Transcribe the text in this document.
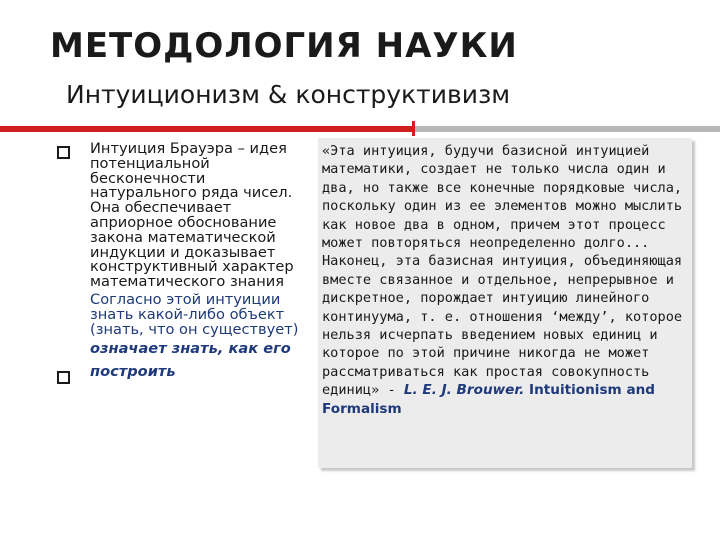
МЕТОДОЛОГИЯ НАУКИ
Интуиционизм & конструктивизм

Интуиция Брауэра – идея потенциальной бесконечности натурального ряда чисел. Она обеспечивает априорное обоснование закона математической индукции и доказывает конструктивный характер математического знания

Согласно этой интуиции знать какой-либо объект (знать, что он существует)

означает знать, как его построить

«Эта интуиция, будучи базисной интуицией математики, создает не только числа один и два, но также все конечные порядковые числа, поскольку один из ее элементов можно мыслить как новое два в одном, причем этот процесс может повторяться неопределенно долго... Наконец, эта базисная интуиция, объединяющая вместе связанное и отдельное, непрерывное и дискретное, порождает интуицию линейного континуума, т. е. отношения ‘между’, которое нельзя исчерпать введением новых единиц и которое по этой причине никогда не может рассматриваться как простая совокупность единиц» - L. E. J. Brouwer. Intuitionism and Formalism
